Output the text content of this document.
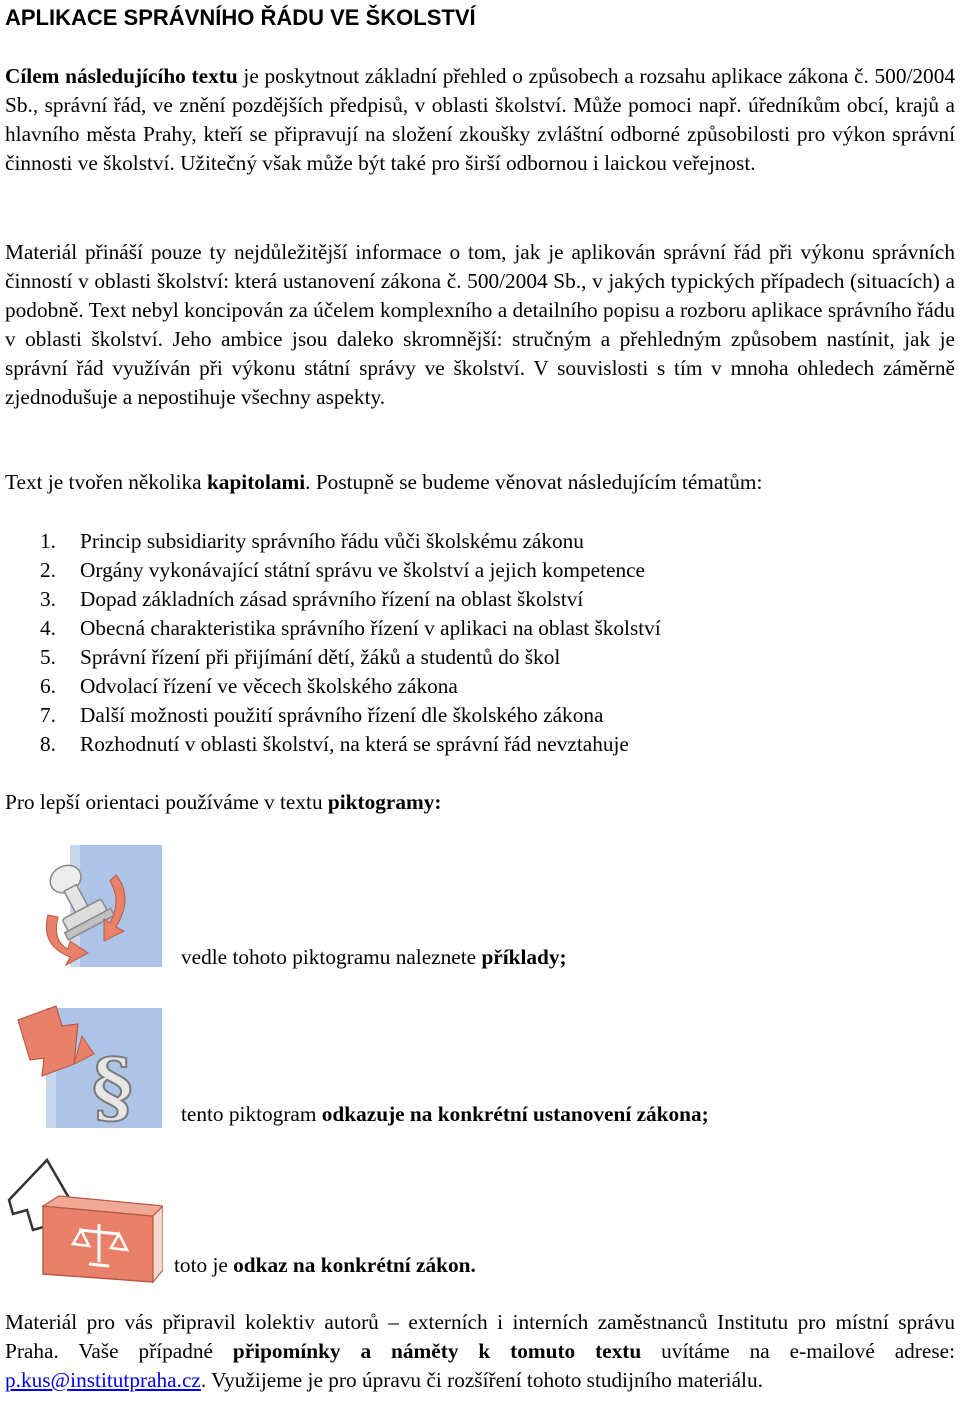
APLIKACE SPRÁVNÍHO ŘÁDU VE ŠKOLSTVÍ

Cílem následujícího textu je poskytnout základní přehled o způsobech a rozsahu aplikace zákona č. 500/2004 Sb., správní řád, ve znění pozdějších předpisů, v oblasti školství. Může pomoci např. úředníkům obcí, krajů a hlavního města Prahy, kteří se připravují na složení zkoušky zvláštní odborné způsobilosti pro výkon správní činnosti ve školství. Užitečný však může být také pro širší odbornou i laickou veřejnost.

Materiál přináší pouze ty nejdůležitější informace o tom, jak je aplikován správní řád při výkonu správních činností v oblasti školství: která ustanovení zákona č. 500/2004 Sb., v jakých typických případech (situacích) a podobně. Text nebyl koncipován za účelem komplexního a detailního popisu a rozboru aplikace správního řádu v oblasti školství. Jeho ambice jsou daleko skromnější: stručným a přehledným způsobem nastínit, jak je správní řád využíván při výkonu státní správy ve školství. V souvislosti s tím v mnoha ohledech záměrně zjednodušuje a nepostihuje všechny aspekty.

Text je tvořen několika kapitolami. Postupně se budeme věnovat následujícím tématům:

1. Princip subsidiarity správního řádu vůči školskému zákonu
2. Orgány vykonávající státní správu ve školství a jejich kompetence
3. Dopad základních zásad správního řízení na oblast školství
4. Obecná charakteristika správního řízení v aplikaci na oblast školství
5. Správní řízení při přijímání dětí, žáků a studentů do škol
6. Odvolací řízení ve věcech školského zákona
7. Další možnosti použití správního řízení dle školského zákona
8. Rozhodnutí v oblasti školství, na která se správní řád nevztahuje

Pro lepší orientaci používáme v textu piktogramy:

vedle tohoto piktogramu naleznete příklady;
§ tento piktogram odkazuje na konkrétní ustanovení zákona;
toto je odkaz na konkrétní zákon.

Materiál pro vás připravil kolektiv autorů – externích i interních zaměstnanců Institutu pro místní správu Praha. Vaše případné připomínky a náměty k tomuto textu uvítáme na e-mailové adrese: p.kus@institutpraha.cz. Využijeme je pro úpravu či rozšíření tohoto studijního materiálu.
